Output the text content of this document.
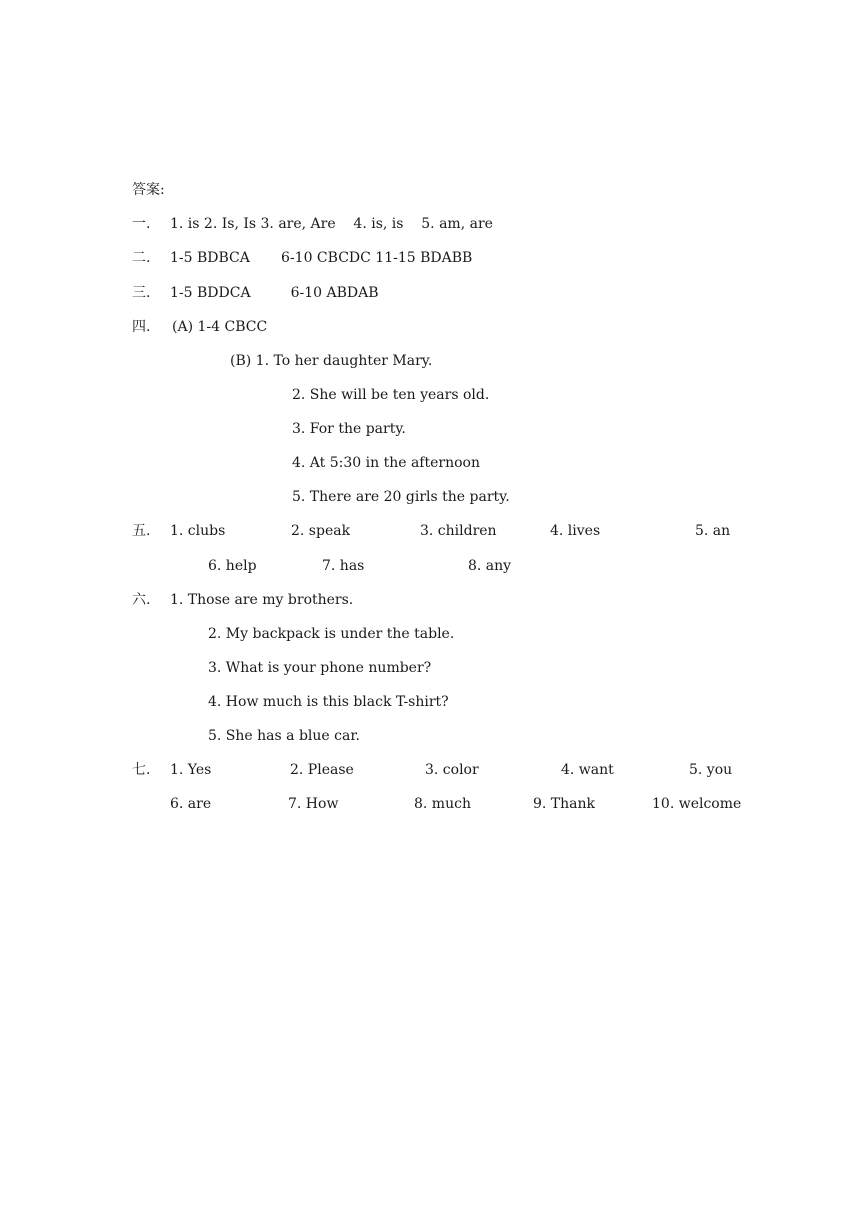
答案:
一. 1. is 2. Is, Is 3. are, Are    4. is, is    5. am, are
二. 1-5 BDBCA       6-10 CBCDC 11-15 BDABB
三. 1-5 BDDCA         6-10 ABDAB
四. (A) 1-4 CBCC
(B) 1. To her daughter Mary.
2. She will be ten years old.
3. For the party.
4. At 5:30 in the afternoon
5. There are 20 girls the party.
五. 1. clubs	2. speak	3. children	4. lives	5. an
6. help	7. has	8. any
六. 1. Those are my brothers.
2. My backpack is under the table.
3. What is your phone number?
4. How much is this black T-shirt?
5. She has a blue car.
七. 1. Yes	2. Please	3. color	4. want	5. you
6. are	7. How	8. much	9. Thank	10. welcome
